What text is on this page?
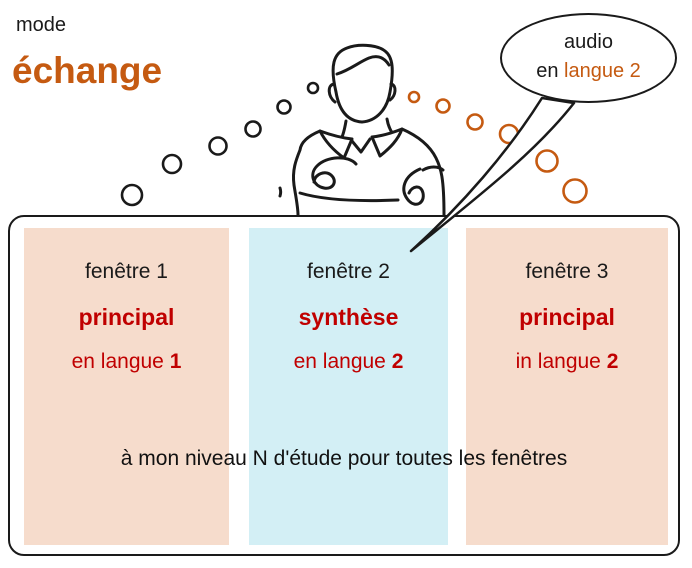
mode
échange
fenêtre 1
principal
en langue 1
fenêtre 2
synthèse
en langue 2
fenêtre 3
principal
in langue 2
à mon niveau N d'étude pour toutes les fenêtres
audio
en langue 2
